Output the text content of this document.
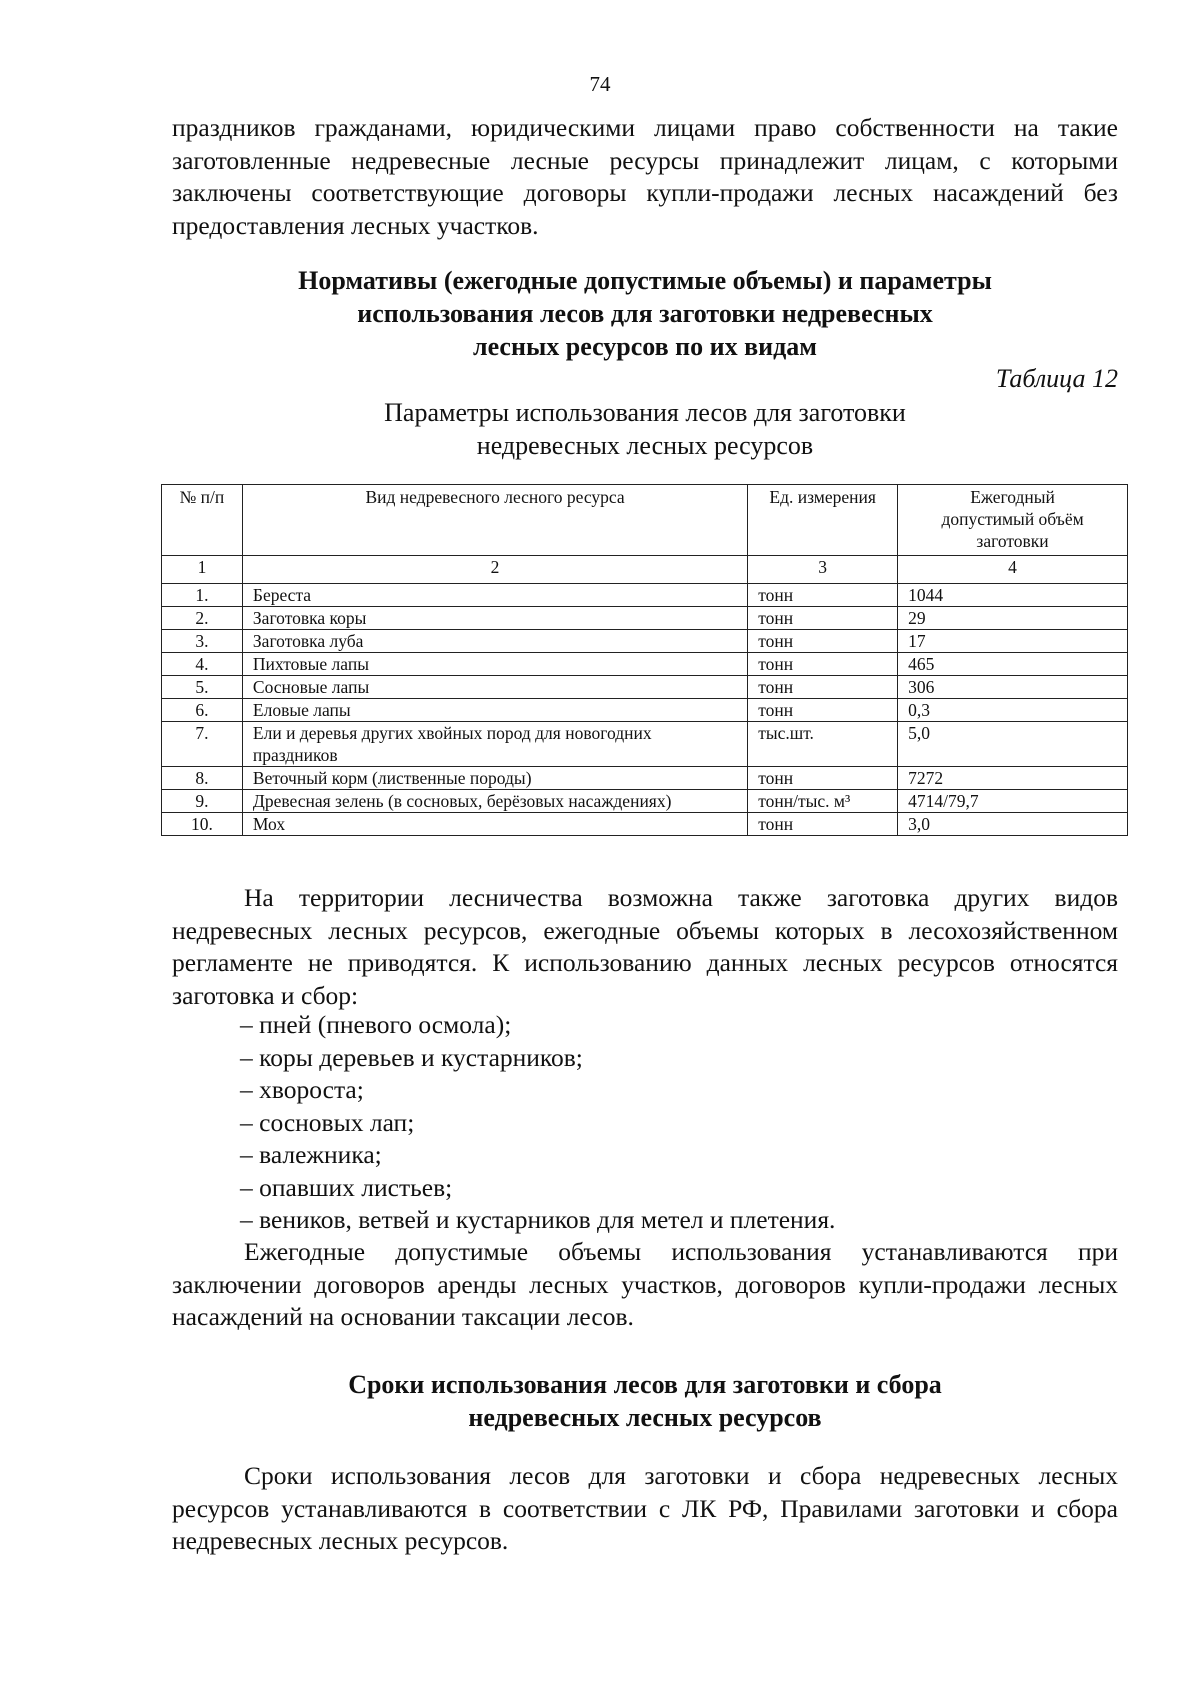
74

праздников гражданами, юридическими лицами право собственности на такие заготовленные недревесные лесные ресурсы принадлежит лицам, с которыми заключены соответствующие договоры купли-продажи лесных насаждений без предоставления лесных участков.

Нормативы (ежегодные допустимые объемы) и параметры
использования лесов для заготовки недревесных
лесных ресурсов по их видам
Таблица 12
Параметры использования лесов для заготовки
недревесных лесных ресурсов
№ п/п	Вид недревесного лесного ресурса	Ед. измерения	Ежегодный допустимый объём заготовки
1	2	3	4
1.	Береста	тонн	1044
2.	Заготовка коры	тонн	29
3.	Заготовка луба	тонн	17
4.	Пихтовые лапы	тонн	465
5.	Сосновые лапы	тонн	306
6.	Еловые лапы	тонн	0,3
7.	Ели и деревья других хвойных пород для новогодних праздников	тыс.шт.	5,0
8.	Веточный корм (лиственные породы)	тонн	7272
9.	Древесная зелень (в сосновых, берёзовых насаждениях)	тонн/тыс. м³	4714/79,7
10.	Мох	тонн	3,0

На территории лесничества возможна также заготовка других видов недревесных лесных ресурсов, ежегодные объемы которых в лесохозяйственном регламенте не приводятся. К использованию данных лесных ресурсов относятся заготовка и сбор:

– пней (пневого осмола);
– коры деревьев и кустарников;
– хвороста;
– сосновых лап;
– валежника;
– опавших листьев;
– веников, ветвей и кустарников для метел и плетения.

Ежегодные допустимые объемы использования устанавливаются при заключении договоров аренды лесных участков, договоров купли-продажи лесных насаждений на основании таксации лесов.

Сроки использования лесов для заготовки и сбора
недревесных лесных ресурсов

Сроки использования лесов для заготовки и сбора недревесных лесных ресурсов устанавливаются в соответствии с ЛК РФ, Правилами заготовки и сбора недревесных лесных ресурсов.
